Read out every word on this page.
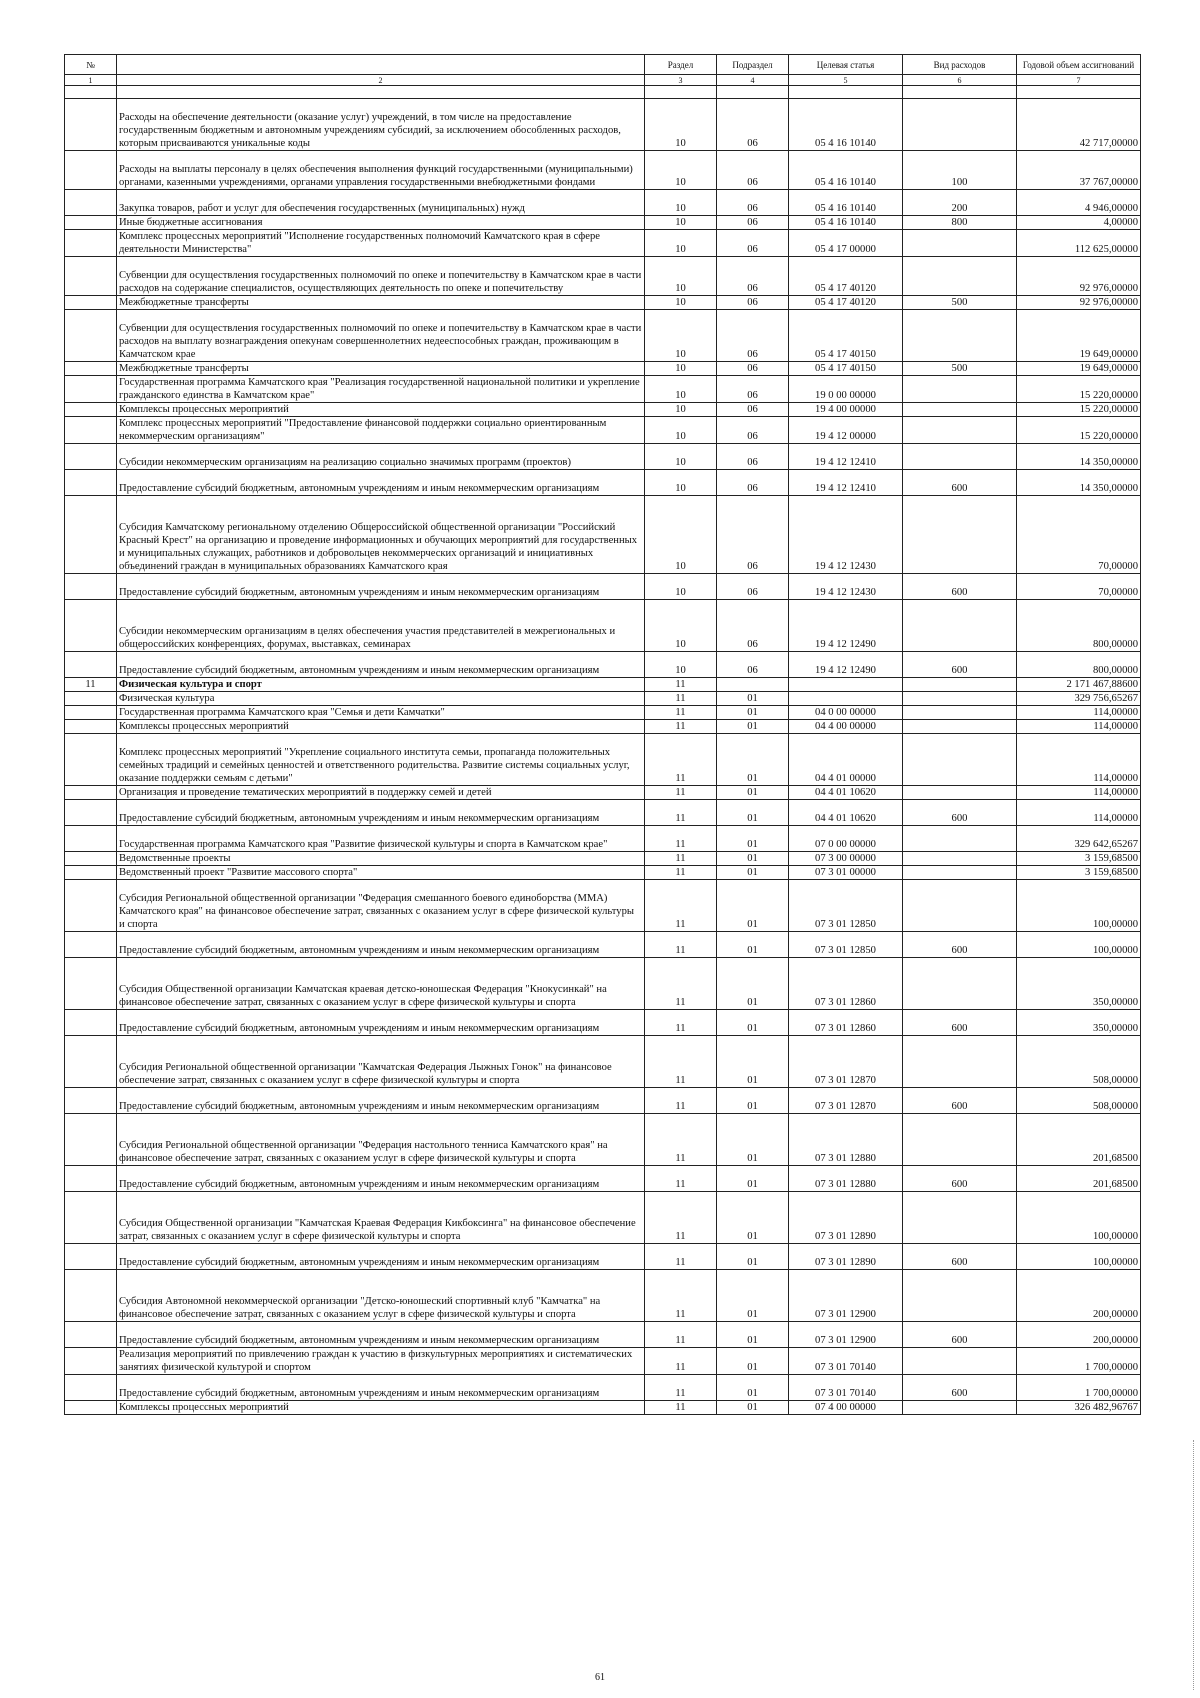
№		Раздел	Подраздел	Целевая статья	Вид расходов	Годовой объем ассигнований
1	2	3	4	5	6	7

	Расходы на обеспечение деятельности (оказание услуг) учреждений, в том числе на предоставление государственным бюджетным и автономным учреждениям субсидий, за исключением обособленных расходов, которым присваиваются уникальные коды	10	06	05 4 16 10140		42 717,00000
	Расходы на выплаты персоналу в целях обеспечения выполнения функций государственными (муниципальными) органами, казенными учреждениями, органами управления государственными внебюджетными фондами	10	06	05 4 16 10140	100	37 767,00000
	Закупка товаров, работ и услуг для обеспечения государственных (муниципальных) нужд	10	06	05 4 16 10140	200	4 946,00000
	Иные бюджетные ассигнования	10	06	05 4 16 10140	800	4,00000
	Комплекс процессных мероприятий "Исполнение государственных полномочий Камчатского края в сфере деятельности Министерства"	10	06	05 4 17 00000		112 625,00000
	Субвенции для осуществления государственных полномочий по опеке и попечительству в Камчатском крае в части расходов на содержание специалистов, осуществляющих деятельность по опеке и попечительству	10	06	05 4 17 40120		92 976,00000
	Межбюджетные трансферты	10	06	05 4 17 40120	500	92 976,00000
	Субвенции для осуществления государственных полномочий по опеке и попечительству в Камчатском крае в части расходов на выплату вознаграждения опекунам совершеннолетних недееспособных граждан, проживающим в Камчатском крае	10	06	05 4 17 40150		19 649,00000
	Межбюджетные трансферты	10	06	05 4 17 40150	500	19 649,00000
	Государственная программа Камчатского края "Реализация государственной национальной политики и укрепление гражданского единства в Камчатском крае"	10	06	19 0 00 00000		15 220,00000
	Комплексы процессных мероприятий	10	06	19 4 00 00000		15 220,00000
	Комплекс процессных мероприятий "Предоставление финансовой поддержки социально ориентированным некоммерческим организациям"	10	06	19 4 12 00000		15 220,00000
	Субсидии некоммерческим организациям на реализацию социально значимых программ (проектов)	10	06	19 4 12 12410		14 350,00000
	Предоставление субсидий бюджетным, автономным учреждениям и иным некоммерческим организациям	10	06	19 4 12 12410	600	14 350,00000
	Субсидия Камчатскому региональному отделению Общероссийской общественной организации "Российский Красный Крест" на организацию и проведение информационных и обучающих мероприятий для государственных и муниципальных служащих, работников и добровольцев некоммерческих организаций и инициативных объединений граждан в муниципальных образованиях Камчатского края	10	06	19 4 12 12430		70,00000
	Предоставление субсидий бюджетным, автономным учреждениям и иным некоммерческим организациям	10	06	19 4 12 12430	600	70,00000
	Субсидии некоммерческим организациям в целях обеспечения участия представителей в межрегиональных и общероссийских конференциях, форумах, выставках, семинарах	10	06	19 4 12 12490		800,00000
	Предоставление субсидий бюджетным, автономным учреждениям и иным некоммерческим организациям	10	06	19 4 12 12490	600	800,00000
11	Физическая культура и спорт	11				2 171 467,88600
	Физическая культура	11	01			329 756,65267
	Государственная программа Камчатского края "Семья и дети Камчатки"	11	01	04 0 00 00000		114,00000
	Комплексы процессных мероприятий	11	01	04 4 00 00000		114,00000
	Комплекс процессных мероприятий "Укрепление социального института семьи, пропаганда положительных семейных традиций и семейных ценностей и ответственного родительства. Развитие системы социальных услуг, оказание поддержки семьям с детьми"	11	01	04 4 01 00000		114,00000
	Организация и проведение тематических мероприятий в поддержку семей и детей	11	01	04 4 01 10620		114,00000
	Предоставление субсидий бюджетным, автономным учреждениям и иным некоммерческим организациям	11	01	04 4 01 10620	600	114,00000
	Государственная программа Камчатского края "Развитие физической культуры и спорта в Камчатском крае"	11	01	07 0 00 00000		329 642,65267
	Ведомственные проекты	11	01	07 3 00 00000		3 159,68500
	Ведомственный проект "Развитие массового спорта"	11	01	07 3 01 00000		3 159,68500
	Субсидия Региональной общественной организации "Федерация смешанного боевого единоборства (ММА) Камчатского края" на финансовое обеспечение затрат, связанных с оказанием услуг в сфере физической культуры и спорта	11	01	07 3 01 12850		100,00000
	Предоставление субсидий бюджетным, автономным учреждениям и иным некоммерческим организациям	11	01	07 3 01 12850	600	100,00000
	Субсидия Общественной организации Камчатская краевая детско-юношеская Федерация "Кнокусинкай" на финансовое обеспечение затрат, связанных с оказанием услуг в сфере физической культуры и спорта	11	01	07 3 01 12860		350,00000
	Предоставление субсидий бюджетным, автономным учреждениям и иным некоммерческим организациям	11	01	07 3 01 12860	600	350,00000
	Субсидия Региональной общественной организации "Камчатская Федерация Лыжных Гонок" на финансовое обеспечение затрат, связанных с оказанием услуг в сфере физической культуры и спорта	11	01	07 3 01 12870		508,00000
	Предоставление субсидий бюджетным, автономным учреждениям и иным некоммерческим организациям	11	01	07 3 01 12870	600	508,00000
	Субсидия Региональной общественной организации "Федерация настольного тенниса Камчатского края" на финансовое обеспечение затрат, связанных с оказанием услуг в сфере физической культуры и спорта	11	01	07 3 01 12880		201,68500
	Предоставление субсидий бюджетным, автономным учреждениям и иным некоммерческим организациям	11	01	07 3 01 12880	600	201,68500
	Субсидия Общественной организации "Камчатская Краевая Федерация Кикбоксинга" на финансовое обеспечение затрат, связанных с оказанием услуг в сфере физической культуры и спорта	11	01	07 3 01 12890		100,00000
	Предоставление субсидий бюджетным, автономным учреждениям и иным некоммерческим организациям	11	01	07 3 01 12890	600	100,00000
	Субсидия Автономной некоммерческой организации "Детско-юношеский спортивный клуб "Камчатка" на финансовое обеспечение затрат, связанных с оказанием услуг в сфере физической культуры и спорта	11	01	07 3 01 12900		200,00000
	Предоставление субсидий бюджетным, автономным учреждениям и иным некоммерческим организациям	11	01	07 3 01 12900	600	200,00000
	Реализация мероприятий по привлечению граждан к участию в физкультурных мероприятиях и систематических занятиях физической культурой и спортом	11	01	07 3 01 70140		1 700,00000
	Предоставление субсидий бюджетным, автономным учреждениям и иным некоммерческим организациям	11	01	07 3 01 70140	600	1 700,00000
	Комплексы процессных мероприятий	11	01	07 4 00 00000		326 482,96767
61
